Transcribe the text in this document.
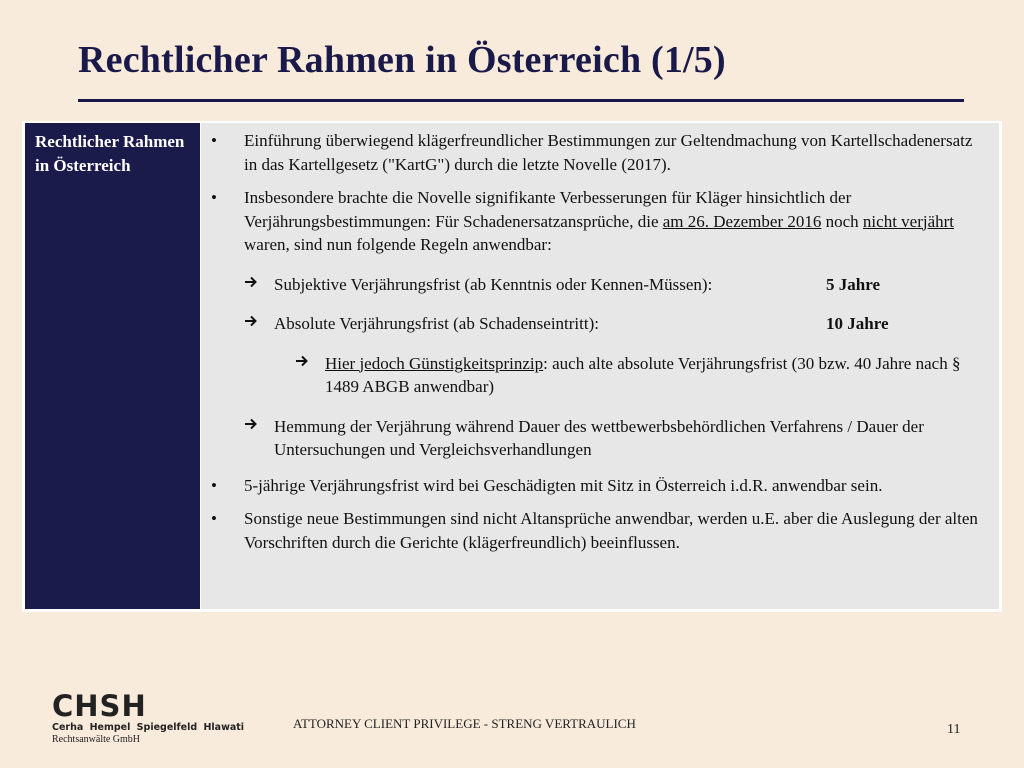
Rechtlicher Rahmen in Österreich (1/5)
Rechtlicher Rahmen in Österreich
• Einführung überwiegend klägerfreundlicher Bestimmungen zur Geltendmachung von Kartellschadenersatz in das Kartellgesetz ("KartG") durch die letzte Novelle (2017).
• Insbesondere brachte die Novelle signifikante Verbesserungen für Kläger hinsichtlich der Verjährungsbestimmungen: Für Schadenersatzansprüche, die am 26. Dezember 2016 noch nicht verjährt waren, sind nun folgende Regeln anwendbar:
Subjektive Verjährungsfrist (ab Kenntnis oder Kennen-Müssen):	5 Jahre
Absolute Verjährungsfrist (ab Schadenseintritt):	10 Jahre
Hier jedoch Günstigkeitsprinzip: auch alte absolute Verjährungsfrist (30 bzw. 40 Jahre nach § 1489 ABGB anwendbar)
Hemmung der Verjährung während Dauer des wettbewerbsbehördlichen Verfahrens / Dauer der Untersuchungen und Vergleichsverhandlungen
• 5-jährige Verjährungsfrist wird bei Geschädigten mit Sitz in Österreich i.d.R. anwendbar sein.
• Sonstige neue Bestimmungen sind nicht Altansprüche anwendbar, werden u.E. aber die Auslegung der alten Vorschriften durch die Gerichte (klägerfreundlich) beeinflussen.
CHSH
Cerha Hempel Spiegelfeld Hlawati
Rechtsanwälte GmbH
ATTORNEY CLIENT PRIVILEGE - STRENG VERTRAULICH	11
